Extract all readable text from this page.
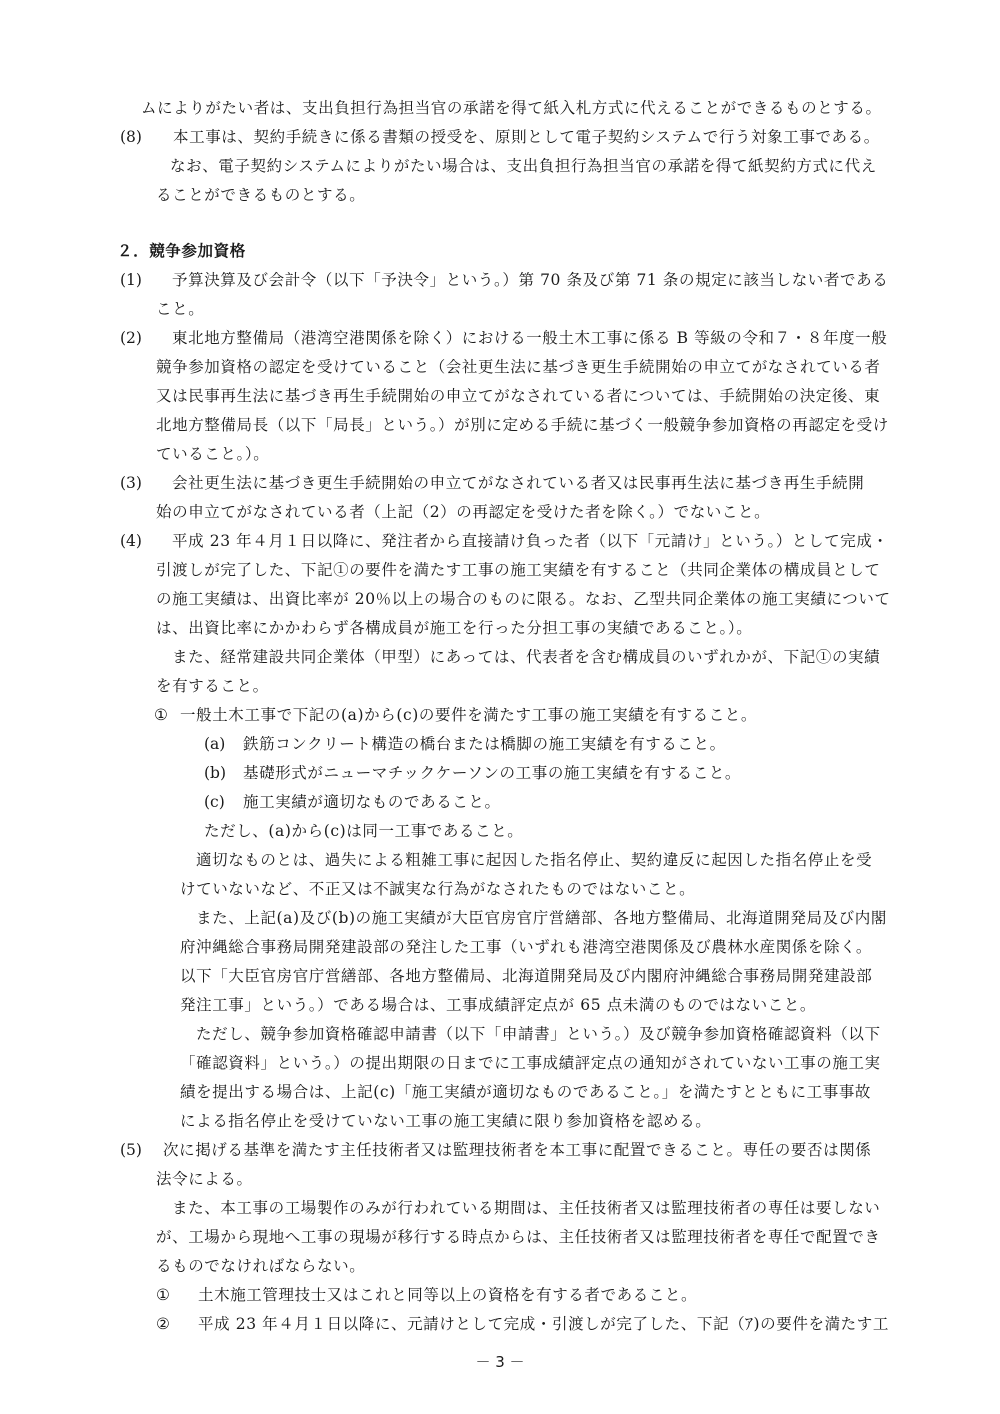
ムによりがたい者は、支出負担行為担当官の承諾を得て紙入札方式に代えることができるものとする。
(8) 本工事は、契約手続きに係る書類の授受を、原則として電子契約システムで行う対象工事である。
なお、電子契約システムによりがたい場合は、支出負担行為担当官の承諾を得て紙契約方式に代え
ることができるものとする。
２．競争参加資格
(1) 予算決算及び会計令（以下「予決令」という。）第 70 条及び第 71 条の規定に該当しない者である
こと。
(2) 東北地方整備局（港湾空港関係を除く）における一般土木工事に係る B 等級の令和７・８年度一般
競争参加資格の認定を受けていること（会社更生法に基づき更生手続開始の申立てがなされている者
又は民事再生法に基づき再生手続開始の申立てがなされている者については、手続開始の決定後、東
北地方整備局長（以下「局長」という。）が別に定める手続に基づく一般競争参加資格の再認定を受け
ていること。）。
(3) 会社更生法に基づき更生手続開始の申立てがなされている者又は民事再生法に基づき再生手続開
始の申立てがなされている者（上記（2）の再認定を受けた者を除く。）でないこと。
(4) 平成 23 年４月１日以降に、発注者から直接請け負った者（以下「元請け」という。）として完成・
引渡しが完了した、下記①の要件を満たす工事の施工実績を有すること（共同企業体の構成員として
の施工実績は、出資比率が 20％以上の場合のものに限る。なお、乙型共同企業体の施工実績について
は、出資比率にかかわらず各構成員が施工を行った分担工事の実績であること。）。
また、経常建設共同企業体（甲型）にあっては、代表者を含む構成員のいずれかが、下記①の実績
を有すること。
① 一般土木工事で下記の(a)から(c)の要件を満たす工事の施工実績を有すること。
(a) 鉄筋コンクリート構造の橋台または橋脚の施工実績を有すること。
(b) 基礎形式がニューマチックケーソンの工事の施工実績を有すること。
(c) 施工実績が適切なものであること。
ただし、(a)から(c)は同一工事であること。
適切なものとは、過失による粗雑工事に起因した指名停止、契約違反に起因した指名停止を受
けていないなど、不正又は不誠実な行為がなされたものではないこと。
また、上記(a)及び(b)の施工実績が大臣官房官庁営繕部、各地方整備局、北海道開発局及び内閣
府沖縄総合事務局開発建設部の発注した工事（いずれも港湾空港関係及び農林水産関係を除く。
以下「大臣官房官庁営繕部、各地方整備局、北海道開発局及び内閣府沖縄総合事務局開発建設部
発注工事」という。）である場合は、工事成績評定点が 65 点未満のものではないこと。
ただし、競争参加資格確認申請書（以下「申請書」という。）及び競争参加資格確認資料（以下
「確認資料」という。）の提出期限の日までに工事成績評定点の通知がされていない工事の施工実
績を提出する場合は、上記(c)「施工実績が適切なものであること。」を満たすとともに工事事故
による指名停止を受けていない工事の施工実績に限り参加資格を認める。
(5) 次に掲げる基準を満たす主任技術者又は監理技術者を本工事に配置できること。専任の要否は関係
法令による。
また、本工事の工場製作のみが行われている期間は、主任技術者又は監理技術者の専任は要しない
が、工場から現地へ工事の現場が移行する時点からは、主任技術者又は監理技術者を専任で配置でき
るものでなければならない。
① 土木施工管理技士又はこれと同等以上の資格を有する者であること。
② 平成 23 年４月１日以降に、元請けとして完成・引渡しが完了した、下記（ｱ)の要件を満たす工
－ 3 －
